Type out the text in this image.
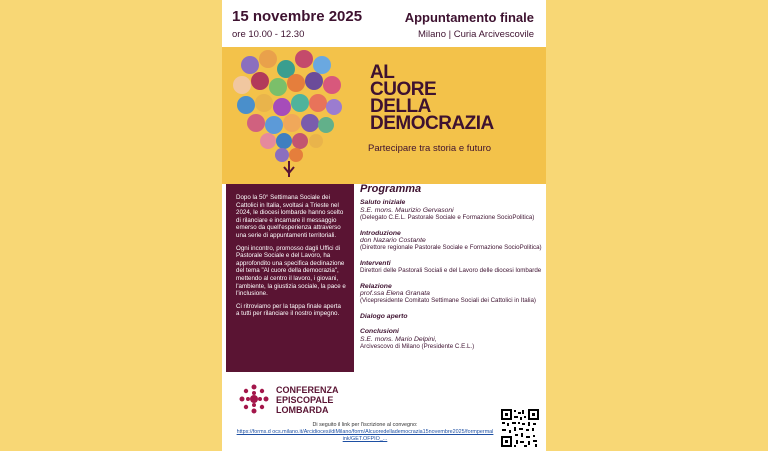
15 novembre 2025
ore 10.00 - 12.30
Appuntamento finale
Milano | Curia Arcivescovile
AL
CUORE
DELLA
DEMOCRAZIA
Partecipare tra storia e futuro

Dopo la 50° Settimana Sociale dei Cattolici in Italia, svoltasi a Trieste nel 2024, le diocesi lombarde hanno scelto di rilanciare e incarnare il messaggio emerso da quell'esperienza attraverso una serie di appuntamenti territoriali.

Ogni incontro, promosso dagli Uffici di Pastorale Sociale e del Lavoro, ha approfondito una specifica declinazione del tema "Al cuore della democrazia", mettendo al centro il lavoro, i giovani, l'ambiente, la giustizia sociale, la pace e l'inclusione.

Ci ritroviamo per la tappa finale aperta a tutti per rilanciare il nostro impegno.

Programma
Saluto iniziale
S.E. mons. Maurizio Gervasoni
(Delegato C.E.L. Pastorale Sociale e Formazione SocioPolitica)
Introduzione
don Nazario Costante
(Direttore regionale Pastorale Sociale e Formazione SocioPolitica)
Interventi
Direttori delle Pastorali Sociali e del Lavoro delle diocesi lombarde
Relazione
prof.ssa Elena Granata
(Vicepresidente Comitato Settimane Sociali dei Cattolici in Italia)
Dialogo aperto
Conclusioni
S.E. mons. Mario Delpini,
Arcivescovo di Milano (Presidente C.E.L.)
CONFERENZA
EPISCOPALE
LOMBARDA
Di seguito il link per l'iscrizione al convegno:
https://forms.d ocs.milano.it/Arcidiocesi/diMilano/form/Alcuoredellademocrazia15novembre2025/formpermal ink/GET.OFPIO_...
